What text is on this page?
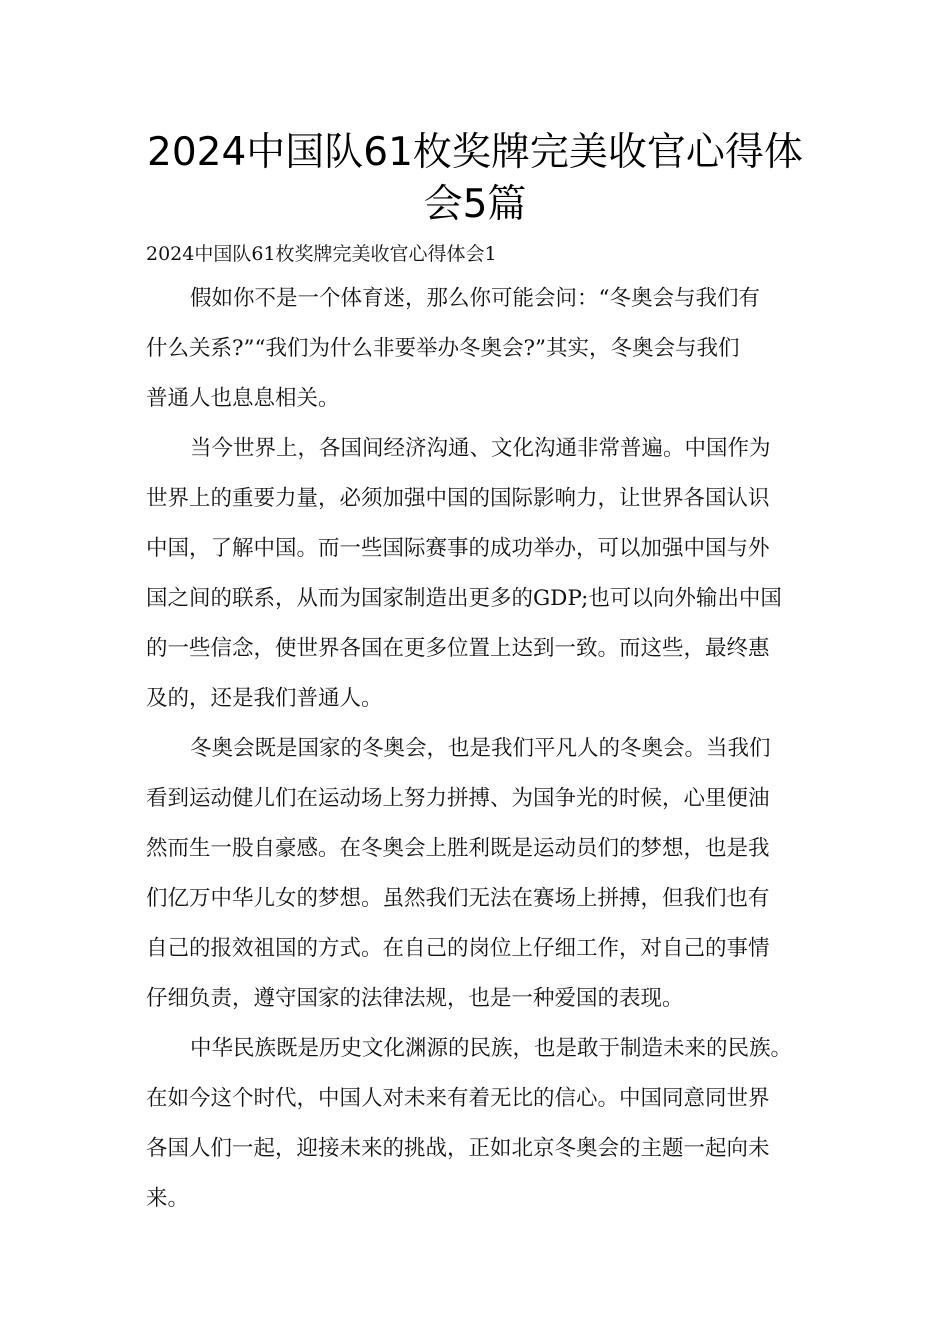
2024中国队61枚奖牌完美收官心得体
会5篇
2024中国队61枚奖牌完美收官心得体会1
假如你不是一个体育迷，那么你可能会问：“冬奥会与我们有
什么关系?”“我们为什么非要举办冬奥会?”其实，冬奥会与我们
普通人也息息相关。
当今世界上，各国间经济沟通、文化沟通非常普遍。中国作为
世界上的重要力量，必须加强中国的国际影响力，让世界各国认识
中国，了解中国。而一些国际赛事的成功举办，可以加强中国与外
国之间的联系，从而为国家制造出更多的GDP;也可以向外输出中国
的一些信念，使世界各国在更多位置上达到一致。而这些，最终惠
及的，还是我们普通人。
冬奥会既是国家的冬奥会，也是我们平凡人的冬奥会。当我们
看到运动健儿们在运动场上努力拼搏、为国争光的时候，心里便油
然而生一股自豪感。在冬奥会上胜利既是运动员们的梦想，也是我
们亿万中华儿女的梦想。虽然我们无法在赛场上拼搏，但我们也有
自己的报效祖国的方式。在自己的岗位上仔细工作，对自己的事情
仔细负责，遵守国家的法律法规，也是一种爱国的表现。
中华民族既是历史文化渊源的民族，也是敢于制造未来的民族。
在如今这个时代，中国人对未来有着无比的信心。中国同意同世界
各国人们一起，迎接未来的挑战，正如北京冬奥会的主题一起向未
来。
